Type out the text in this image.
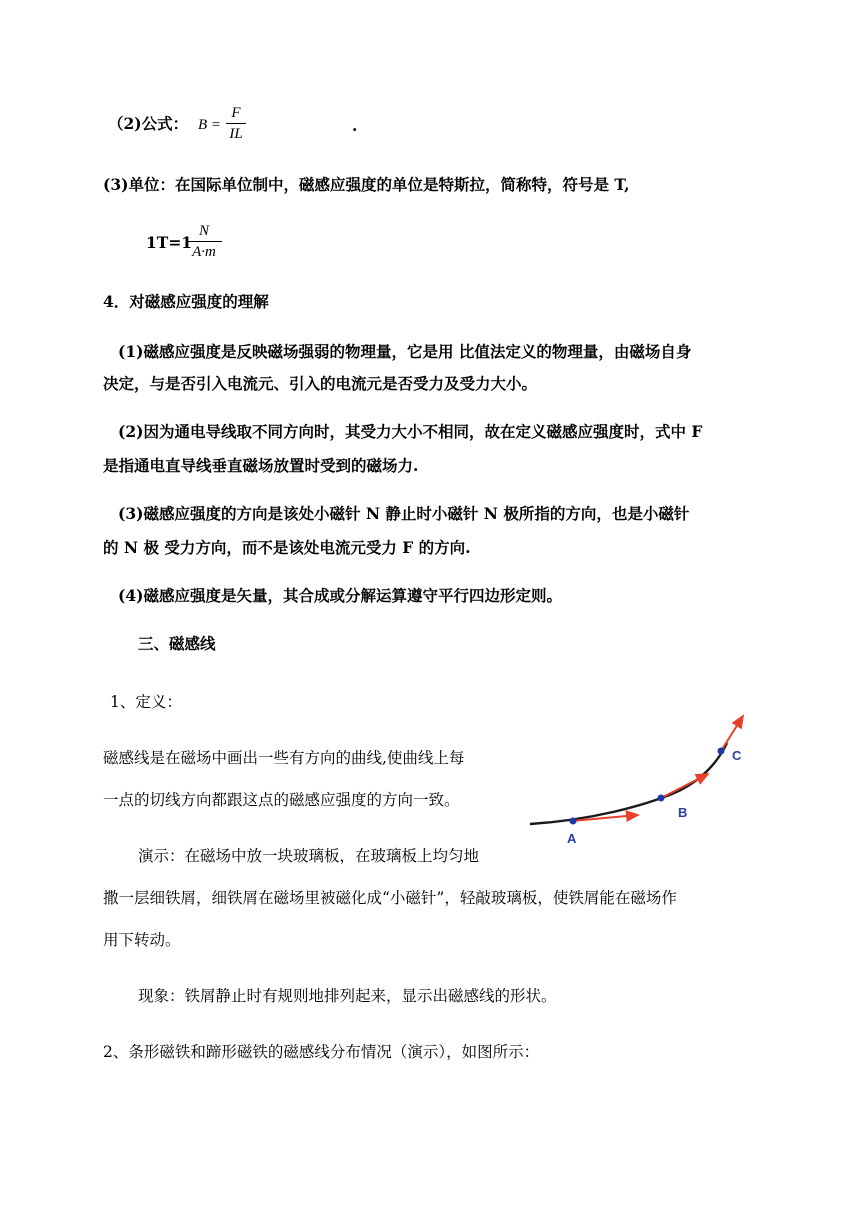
（2)公式： B =
F
IL	.
(3)单位：在国际单位制中，磁感应强度的单位是特斯拉，简称特，符号是 T,
1T=1
N
A·m
4．对磁感应强度的理解
(1)磁感应强度是反映磁场强弱的物理量，它是用 比值法定义的物理量，由磁场自身
决定，与是否引入电流元、引入的电流元是否受力及受力大小。
(2)因为通电导线取不同方向时，其受力大小不相同，故在定义磁感应强度时，式中 F
是指通电直导线垂直磁场放置时受到的磁场力.
(3)磁感应强度的方向是该处小磁针 N 静止时小磁针 N 极所指的方向，也是小磁针
的 N 极 受力方向，而不是该处电流元受力 F 的方向.
(4)磁感应强度是矢量，其合成或分解运算遵守平行四边形定则。
三、磁感线
1、定义：
磁感线是在磁场中画出一些有方向的曲线,使曲线上每
一点的切线方向都跟这点的磁感应强度的方向一致。
演示：在磁场中放一块玻璃板，在玻璃板上均匀地
撒一层细铁屑，细铁屑在磁场里被磁化成“小磁针”，轻敲玻璃板，使铁屑能在磁场作
用下转动。
现象：铁屑静止时有规则地排列起来，显示出磁感线的形状。
2、条形磁铁和蹄形磁铁的磁感线分布情况（演示），如图所示：
A
B
C
